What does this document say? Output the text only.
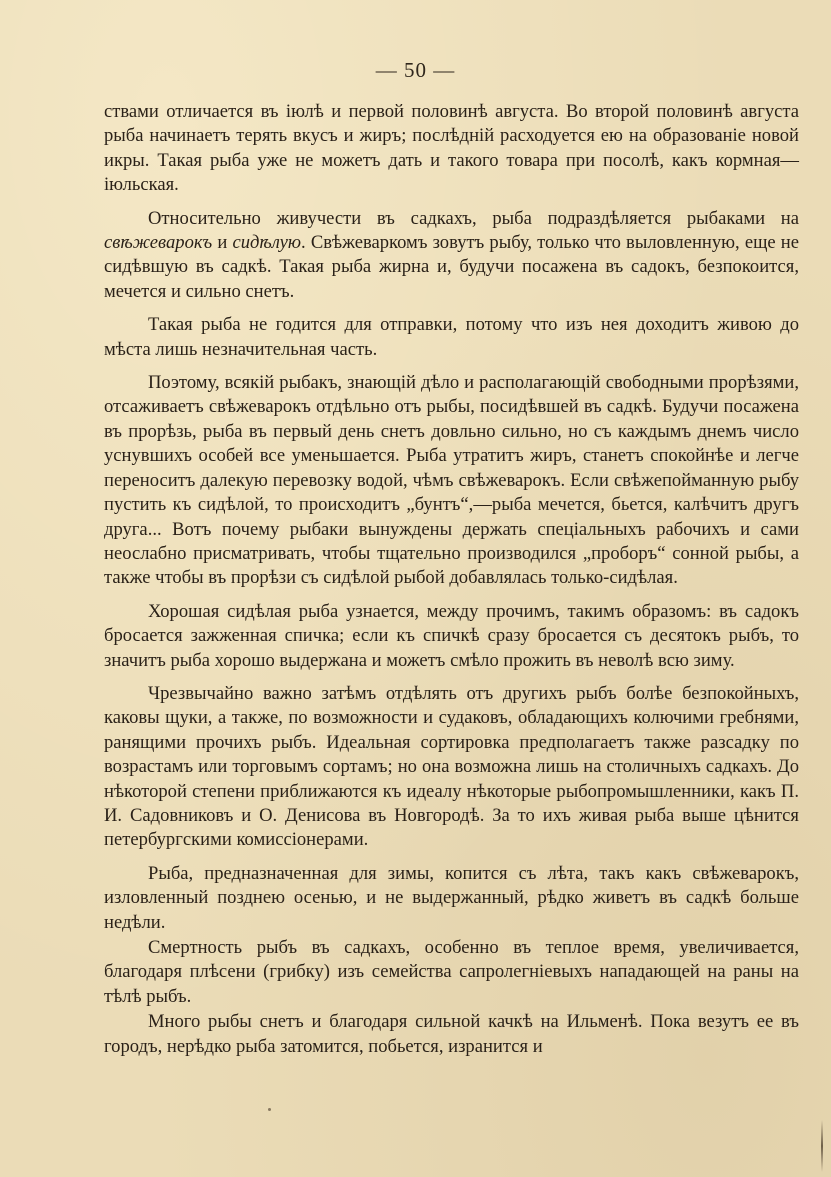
— 50 —

ствами отличается въ іюлѣ и первой половинѣ августа. Во второй половинѣ августа рыба начинаетъ терять вкусъ и жиръ; послѣдній расходуется ею на образованіе новой икры. Такая рыба уже не можетъ дать и такого товара при посолѣ, какъ кормная—іюльская.

Относительно живучести въ садкахъ, рыба подраздѣляется рыбаками на свѣжеварокъ и сидѣлую. Свѣжеваркомъ зовутъ рыбу, только что выловленную, еще не сидѣвшую въ садкѣ. Такая рыба жирна и, будучи посажена въ садокъ, безпокоится, мечется и сильно снетъ.

Такая рыба не годится для отправки, потому что изъ нея доходитъ живою до мѣста лишь незначительная часть.

Поэтому, всякій рыбакъ, знающій дѣло и располагающій свободными прорѣзями, отсаживаетъ свѣжеварокъ отдѣльно отъ рыбы, посидѣвшей въ садкѣ. Будучи посажена въ прорѣзь, рыба въ первый день снетъ довльно сильно, но съ каждымъ днемъ число уснувшихъ особей все уменьшается. Рыба утратитъ жиръ, станетъ спокойнѣе и легче переноситъ далекую перевозку водой, чѣмъ свѣжеварокъ. Если свѣжепойманную рыбу пустить къ сидѣлой, то происходитъ „бунтъ“,—рыба мечется, бьется, калѣчитъ другъ друга... Вотъ почему рыбаки вынуждены держать спеціальныхъ рабочихъ и сами неослабно присматривать, чтобы тщательно производился „проборъ“ сонной рыбы, а также чтобы въ прорѣзи съ сидѣлой рыбой добавлялась только-сидѣлая.

Хорошая сидѣлая рыба узнается, между прочимъ, такимъ образомъ: въ садокъ бросается зажженная спичка; если къ спичкѣ сразу бросается съ десятокъ рыбъ, то значитъ рыба хорошо выдержана и можетъ смѣло прожить въ неволѣ всю зиму.

Чрезвычайно важно затѣмъ отдѣлять отъ другихъ рыбъ болѣе безпокойныхъ, каковы щуки, а также, по возможности и судаковъ, обладающихъ колючими гребнями, ранящими прочихъ рыбъ. Идеальная сортировка предполагаетъ также разсадку по возрастамъ или торговымъ сортамъ; но она возможна лишь на столичныхъ садкахъ. До нѣкоторой степени приближаются къ идеалу нѣкоторые рыбопромышленники, какъ П. И. Садовниковъ и О. Денисова въ Новгородѣ. За то ихъ живая рыба выше цѣнится петербургскими комиссіонерами.

Рыба, предназначенная для зимы, копится съ лѣта, такъ какъ свѣжеварокъ, изловленный позднею осенью, и не выдержанный, рѣдко живетъ въ садкѣ больше недѣли.

Смертность рыбъ въ садкахъ, особенно въ теплое время, увеличивается, благодаря плѣсени (грибку) изъ семейства сапролегніевыхъ нападающей на раны на тѣлѣ рыбъ.

Много рыбы снетъ и благодаря сильной качкѣ на Ильменѣ. Пока везутъ ее въ городъ, нерѣдко рыба затомится, побьется, изранится и
